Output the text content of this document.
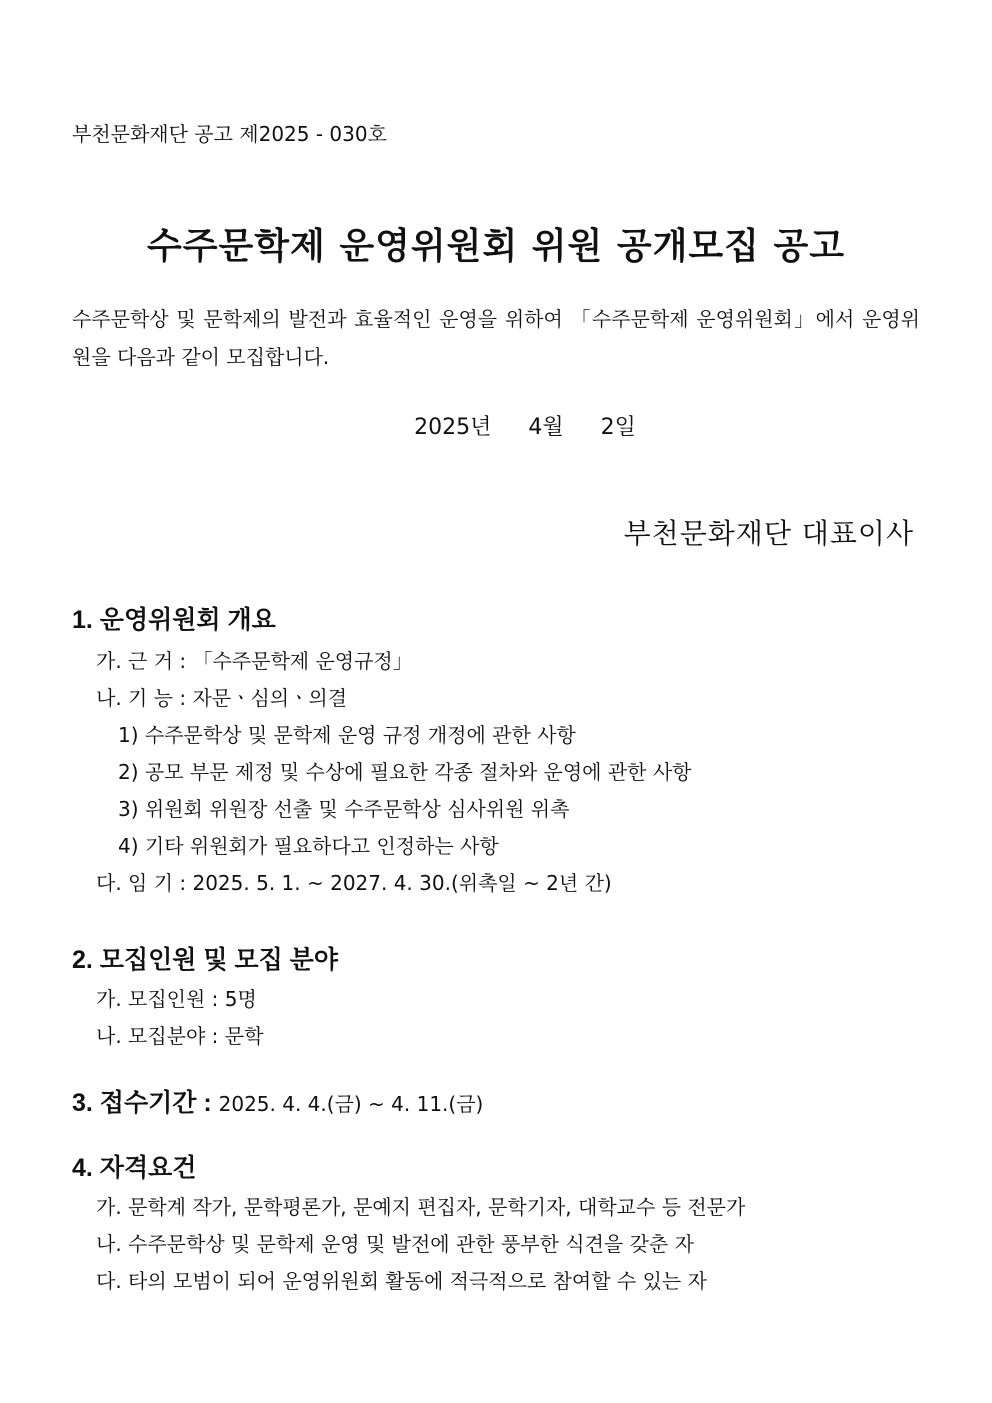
부천문화재단 공고 제2025 - 030호
수주문학제 운영위원회 위원 공개모집 공고
수주문학상 및 문학제의 발전과 효율적인 운영을 위하여 「수주문학제 운영위원회」에서 운영위원을 다음과 같이 모집합니다.
2025년 4월 2일
부천문화재단 대표이사
1. 운영위원회 개요
가. 근 거 : 「수주문학제 운영규정」
나. 기 능 : 자문ㆍ심의ㆍ의결
1) 수주문학상 및 문학제 운영 규정 개정에 관한 사항
2) 공모 부문 제정 및 수상에 필요한 각종 절차와 운영에 관한 사항
3) 위원회 위원장 선출 및 수주문학상 심사위원 위촉
4) 기타 위원회가 필요하다고 인정하는 사항
다. 임 기 : 2025. 5. 1. ~ 2027. 4. 30.(위촉일 ~ 2년 간)
2. 모집인원 및 모집 분야
가. 모집인원 : 5명
나. 모집분야 : 문학
3. 접수기간 : 2025. 4. 4.(금) ~ 4. 11.(금)
4. 자격요건
가. 문학계 작가, 문학평론가, 문예지 편집자, 문학기자, 대학교수 등 전문가
나. 수주문학상 및 문학제 운영 및 발전에 관한 풍부한 식견을 갖춘 자
다. 타의 모범이 되어 운영위원회 활동에 적극적으로 참여할 수 있는 자
